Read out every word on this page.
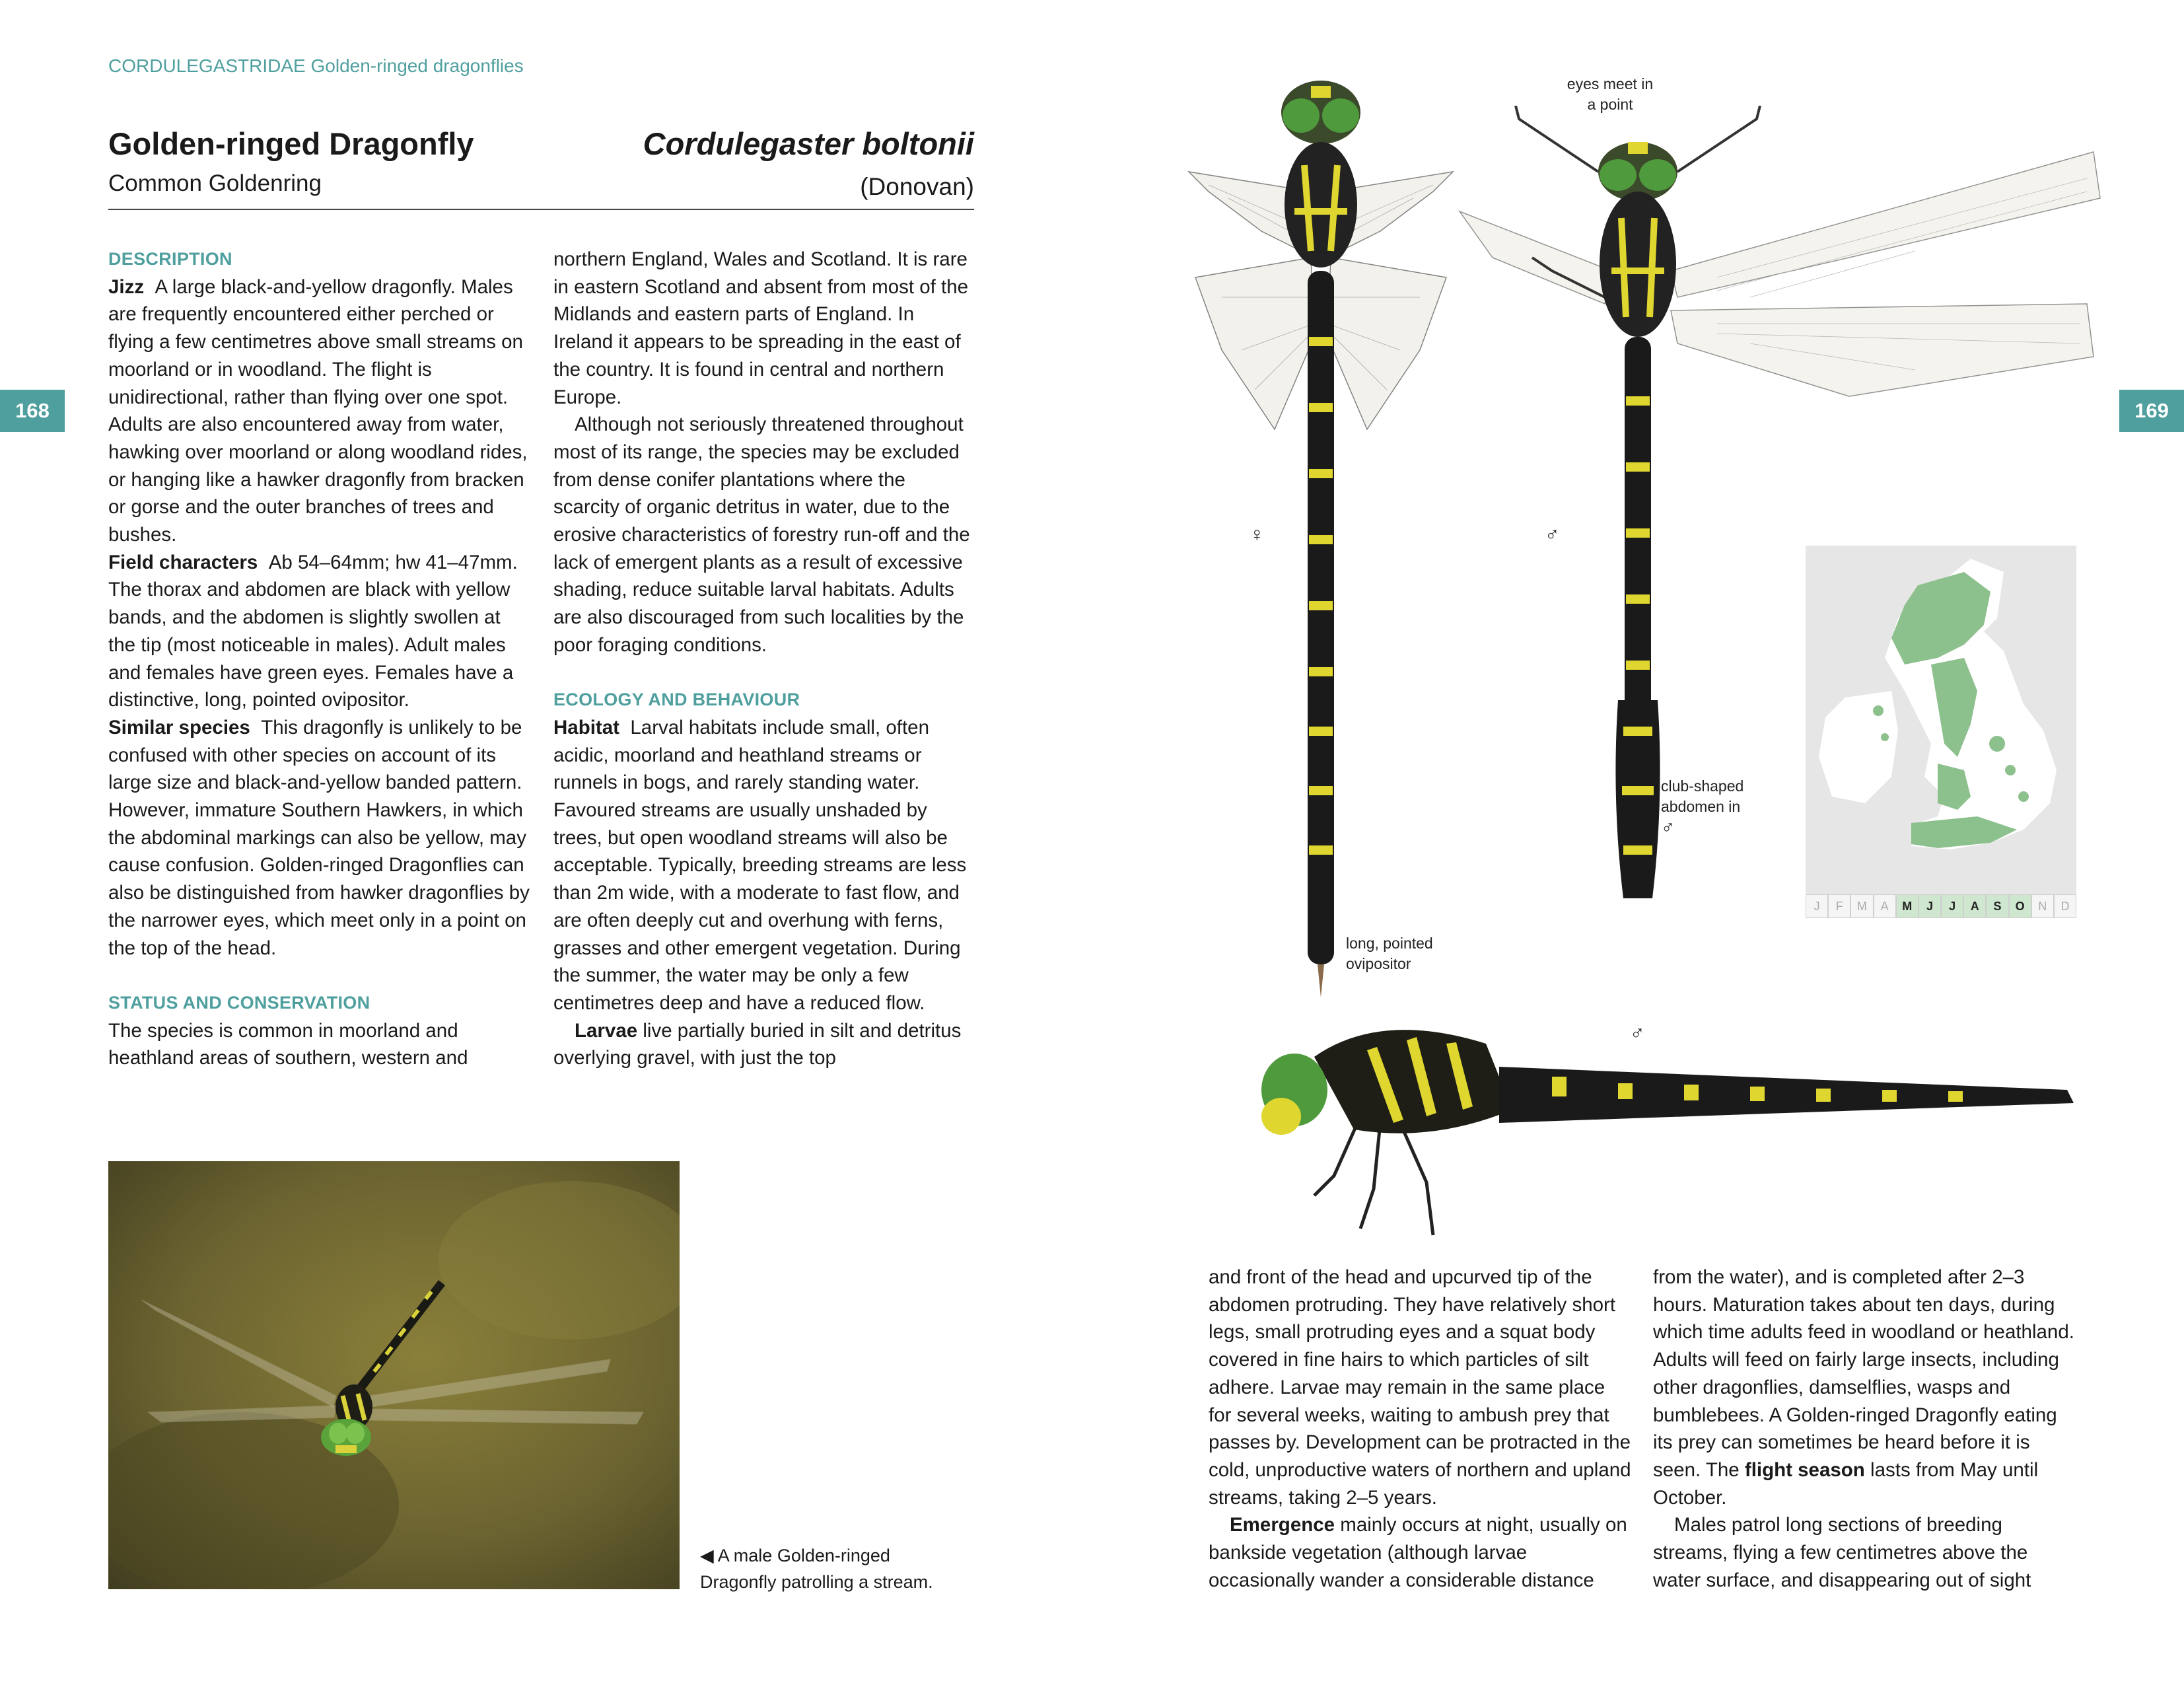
168	169
CORDULEGASTRIDAE Golden-ringed dragonflies
Golden-ringed Dragonfly
Common Goldenring
Cordulegaster boltonii
(Donovan)

DESCRIPTION

Jizz A large black-and-yellow dragonfly. Males are frequently encountered either perched or flying a few centimetres above small streams on moorland or in woodland. The flight is unidirectional, rather than flying over one spot. Adults are also encountered away from water, hawking over moorland or along woodland rides, or hanging like a hawker dragonfly from bracken or gorse and the outer branches of trees and bushes.

Field characters Ab 54–64mm; hw 41–47mm. The thorax and abdomen are black with yellow bands, and the abdomen is slightly swollen at the tip (most noticeable in males). Adult males and females have green eyes. Females have a distinctive, long, pointed ovipositor.

Similar species This dragonfly is unlikely to be confused with other species on account of its large size and black-and-yellow banded pattern. However, immature Southern Hawkers, in which the abdominal markings can also be yellow, may cause confusion. Golden-ringed Dragonflies can also be distinguished from hawker dragonflies by the narrower eyes, which meet only in a point on the top of the head.

STATUS AND CONSERVATION

The species is common in moorland and heathland areas of southern, western and

northern England, Wales and Scotland. It is rare in eastern Scotland and absent from most of the Midlands and eastern parts of England. In Ireland it appears to be spreading in the east of the country. It is found in central and northern Europe.

Although not seriously threatened throughout most of its range, the species may be excluded from dense conifer plantations where the scarcity of organic detritus in water, due to the erosive characteristics of forestry run-off and the lack of emergent plants as a result of excessive shading, reduce suitable larval habitats. Adults are also discouraged from such localities by the poor foraging conditions.

ECOLOGY AND BEHAVIOUR

Habitat Larval habitats include small, often acidic, moorland and heathland streams or runnels in bogs, and rarely standing water. Favoured streams are usually unshaded by trees, but open woodland streams will also be acceptable. Typically, breeding streams are less than 2m wide, with a moderate to fast flow, and are often deeply cut and overhung with ferns, grasses and other emergent vegetation. During the summer, the water may be only a few centimetres deep and have a reduced flow.

Larvae live partially buried in silt and detritus overlying gravel, with just the top

and front of the head and upcurved tip of the abdomen protruding. They have relatively short legs, small protruding eyes and a squat body covered in fine hairs to which particles of silt adhere. Larvae may remain in the same place for several weeks, waiting to ambush prey that passes by. Development can be protracted in the cold, unproductive waters of northern and upland streams, taking 2–5 years.

Emergence mainly occurs at night, usually on bankside vegetation (although larvae occasionally wander a considerable distance

from the water), and is completed after 2–3 hours. Maturation takes about ten days, during which time adults feed in woodland or heathland. Adults will feed on fairly large insects, including other dragonflies, damselflies, wasps and bumblebees. A Golden-ringed Dragonfly eating its prey can sometimes be heard before it is seen. The flight season lasts from May until October.

Males patrol long sections of breeding streams, flying a few centimetres above the water surface, and disappearing out of sight

◀ A male Golden-ringed Dragonfly patrolling a stream.
eyes meet in a point
club-shaped abdomen in
♂
long, pointed ovipositor
♀	♂
♂
J	F	M	A	M	J	J	A	S	O	N	D
